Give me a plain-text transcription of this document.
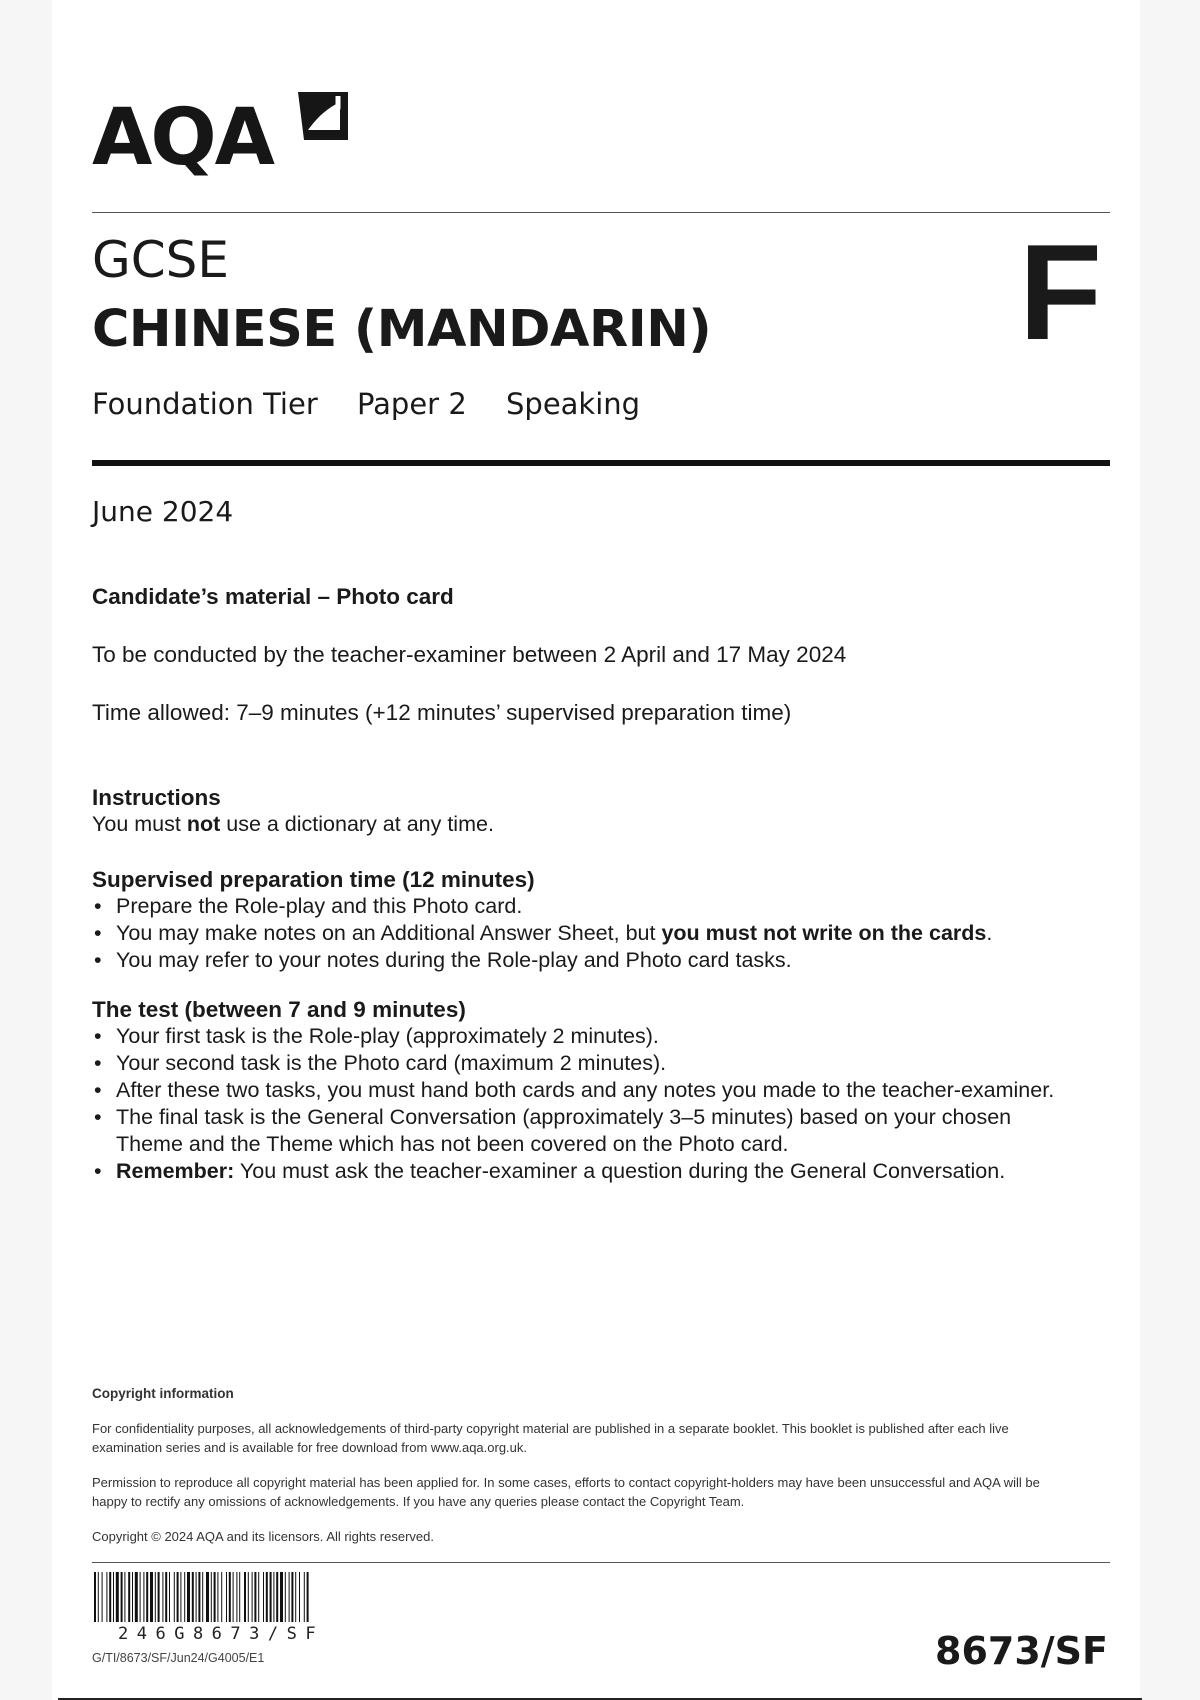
AQA
GCSE
CHINESE (MANDARIN) F
Foundation Tier Paper 2 Speaking
June 2024
Candidate’s material – Photo card
To be conducted by the teacher-examiner between 2 April and 17 May 2024
Time allowed: 7–9 minutes (+12 minutes’ supervised preparation time)
Instructions
You must not use a dictionary at any time.
Supervised preparation time (12 minutes)
• Prepare the Role-play and this Photo card.
• You may make notes on an Additional Answer Sheet, but you must not write on the cards.
• You may refer to your notes during the Role-play and Photo card tasks.
The test (between 7 and 9 minutes)
• Your first task is the Role-play (approximately 2 minutes).
• Your second task is the Photo card (maximum 2 minutes).
• After these two tasks, you must hand both cards and any notes you made to the teacher-examiner.
• The final task is the General Conversation (approximately 3–5 minutes) based on your chosen Theme and the Theme which has not been covered on the Photo card.
• Remember: You must ask the teacher-examiner a question during the General Conversation.
Copyright information
For confidentiality purposes, all acknowledgements of third-party copyright material are published in a separate booklet. This booklet is published after each live examination series and is available for free download from www.aqa.org.uk.
Permission to reproduce all copyright material has been applied for. In some cases, efforts to contact copyright-holders may have been unsuccessful and AQA will be happy to rectify any omissions of acknowledgements. If you have any queries please contact the Copyright Team.
Copyright © 2024 AQA and its licensors. All rights reserved.
246G8673/SF
G/TI/8673/SF/Jun24/G4005/E1	8673/SF
